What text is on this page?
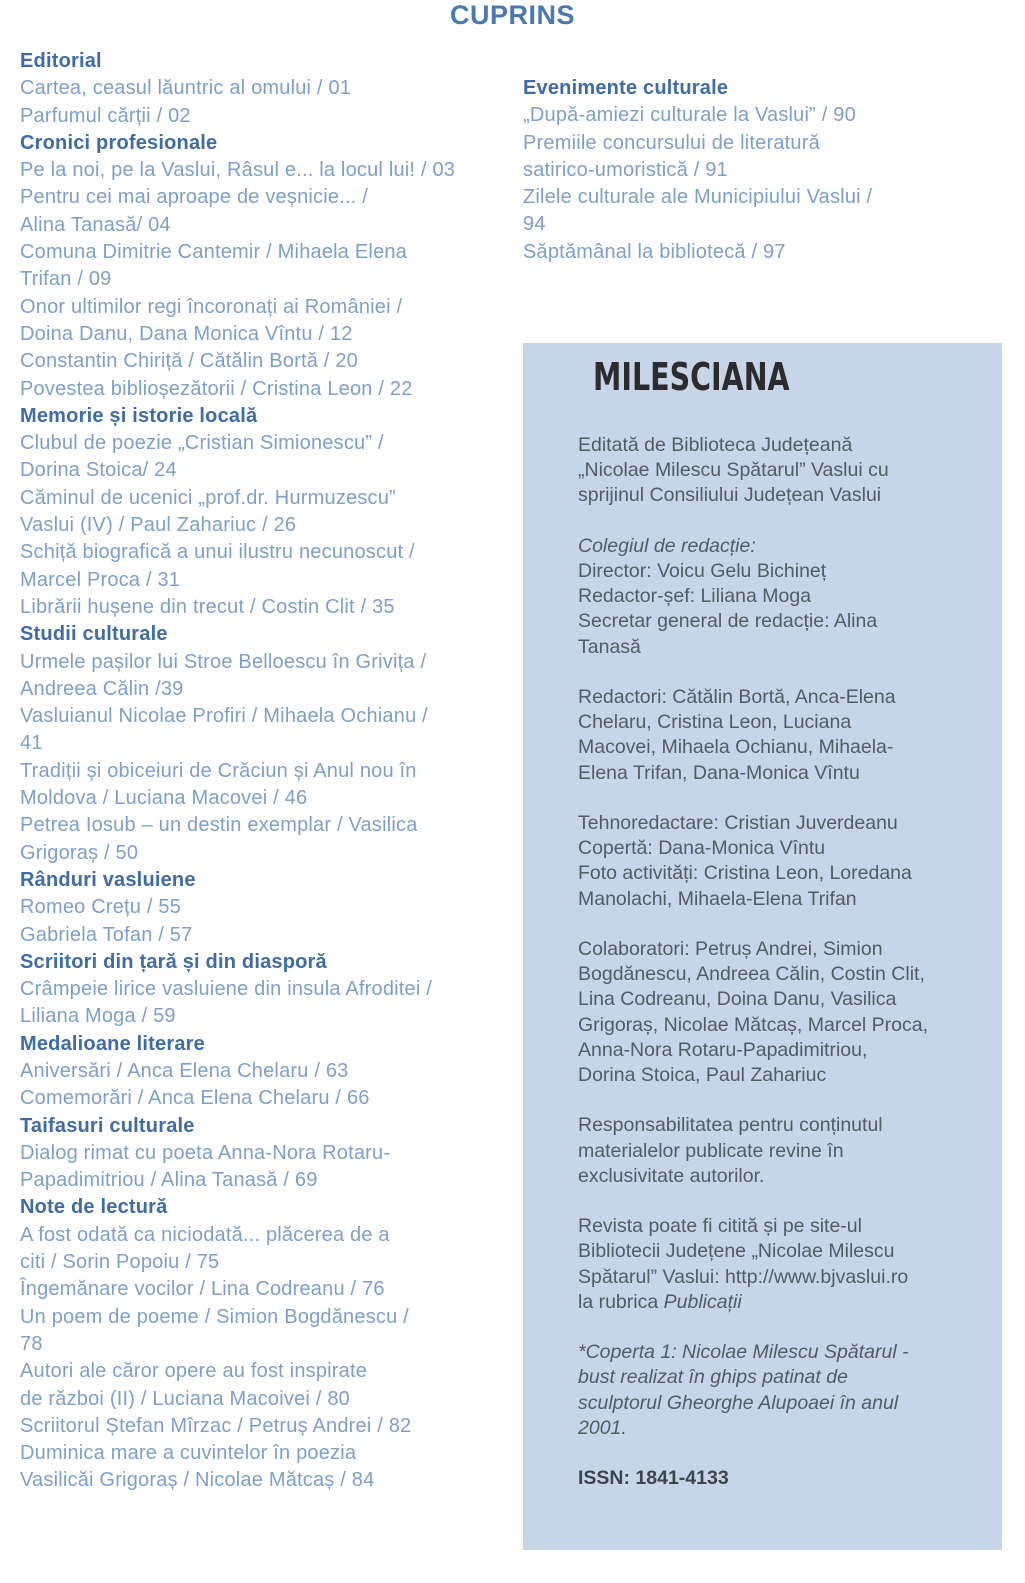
CUPRINS
Editorial
Cartea, ceasul lăuntric al omului / 01
Parfumul cărții / 02
Cronici profesionale
Pe la noi, pe la Vaslui, Râsul e... la locul lui! / 03
Pentru cei mai aproape de veșnicie... /
Alina Tanasă/ 04
Comuna Dimitrie Cantemir / Mihaela Elena
Trifan / 09
Onor ultimilor regi încoronați ai României /
Doina Danu, Dana Monica Vîntu / 12
Constantin Chiriță / Cătălin Bortă / 20
Povestea biblioșezătorii / Cristina Leon / 22
Memorie și istorie locală
Clubul de poezie „Cristian Simionescu” /
Dorina Stoica/ 24
Căminul de ucenici „prof.dr. Hurmuzescu”
Vaslui (IV) / Paul Zahariuc / 26
Schiță biografică a unui ilustru necunoscut /
Marcel Proca / 31
Librării hușene din trecut / Costin Clit / 35
Studii culturale
Urmele pașilor lui Stroe Belloescu în Grivița /
Andreea Călin /39
Vasluianul Nicolae Profiri / Mihaela Ochianu /
41
Tradiții și obiceiuri de Crăciun și Anul nou în
Moldova / Luciana Macovei / 46
Petrea Iosub – un destin exemplar / Vasilica
Grigoraș / 50
Rânduri vasluiene
Romeo Crețu / 55
Gabriela Tofan / 57
Scriitori din țară și din diasporă
Crâmpeie lirice vasluiene din insula Afroditei /
Liliana Moga / 59
Medalioane literare
Aniversări / Anca Elena Chelaru / 63
Comemorări / Anca Elena Chelaru / 66
Taifasuri culturale
Dialog rimat cu poeta Anna-Nora Rotaru-
Papadimitriou / Alina Tanasă / 69
Note de lectură
A fost odată ca niciodată... plăcerea de a
citi / Sorin Popoiu / 75
Îngemănare vocilor / Lina Codreanu / 76
Un poem de poeme / Simion Bogdănescu /
78
Autori ale căror opere au fost inspirate
de război (II) / Luciana Macoivei / 80
Scriitorul Ștefan Mîrzac / Petruș Andrei / 82
Duminica mare a cuvintelor în poezia
Vasilicăi Grigoraș / Nicolae Mătcaș / 84
Evenimente culturale
„După-amiezi culturale la Vaslui” / 90
Premiile concursului de literatură
satirico-umoristică / 91
Zilele culturale ale Municipiului Vaslui /
94
Săptămânal la bibliotecă / 97
MILESCIANA
Editată de Biblioteca Județeană
„Nicolae Milescu Spătarul” Vaslui cu
sprijinul Consiliului Județean Vaslui
Colegiul de redacție:
Director: Voicu Gelu Bichineț
Redactor-șef: Liliana Moga
Secretar general de redacție: Alina
Tanasă
Redactori: Cătălin Bortă, Anca-Elena
Chelaru, Cristina Leon, Luciana
Macovei, Mihaela Ochianu, Mihaela-
Elena Trifan, Dana-Monica Vîntu
Tehnoredactare: Cristian Juverdeanu
Copertă: Dana-Monica Vîntu
Foto activități: Cristina Leon, Loredana
Manolachi, Mihaela-Elena Trifan
Colaboratori: Petruș Andrei, Simion
Bogdănescu, Andreea Călin, Costin Clit,
Lina Codreanu, Doina Danu, Vasilica
Grigoraș, Nicolae Mătcaș, Marcel Proca,
Anna-Nora Rotaru-Papadimitriou,
Dorina Stoica, Paul Zahariuc
Responsabilitatea pentru conținutul
materialelor publicate revine în
exclusivitate autorilor.
Revista poate fi citită și pe site-ul
Bibliotecii Județene „Nicolae Milescu
Spătarul” Vaslui: http://www.bjvaslui.ro
la rubrica Publicații
*Coperta 1: Nicolae Milescu Spătarul -
bust realizat în ghips patinat de
sculptorul Gheorghe Alupoaei în anul
2001.
ISSN: 1841-4133
